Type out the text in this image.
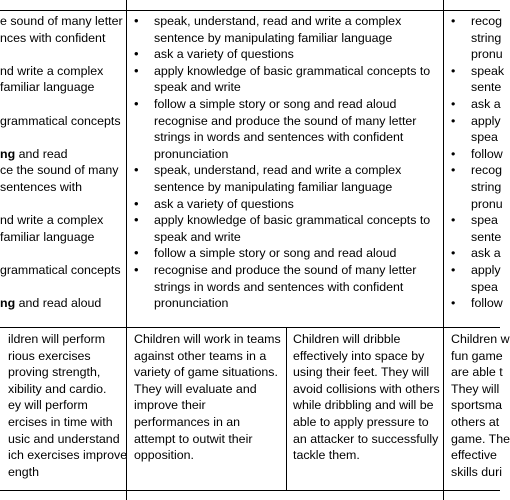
e sound of many letter
nces with confident

nd write a complex
familiar language

grammatical concepts

ng and read
ce the sound of many
sentences with

nd write a complex
familiar language

grammatical concepts

ng and read aloud
• speak, understand, read and write a complex sentence by manipulating familiar language
• ask a variety of questions
• apply knowledge of basic grammatical concepts to speak and write
• follow a simple story or song and read aloud recognise and produce the sound of many letter strings in words and sentences with confident pronunciation
• speak, understand, read and write a complex sentence by manipulating familiar language
• ask a variety of questions
• apply knowledge of basic grammatical concepts to speak and write
• follow a simple story or song and read aloud
• recognise and produce the sound of many letter strings in words and sentences with confident pronunciation
• recog
string
pronu
• speak
sente
• ask a
• apply
spea
• follow
• recog
string
pronu
• spea
sente
• ask a
• apply
spea
• follow
ildren will perform
rious exercises
proving strength,
xibility and cardio.
ey will perform
ercises in time with
usic and understand
ich exercises improve
ength
Children will work in teams against other teams in a variety of game situations. They will evaluate and improve their performances in an attempt to outwit their opposition.
Children will dribble effectively into space by using their feet. They will avoid collisions with others while dribbling and will be able to apply pressure to an attacker to successfully tackle them.
Children w
fun game
are able t
They will
sportsma
others at
game. The
effective
skills duri
